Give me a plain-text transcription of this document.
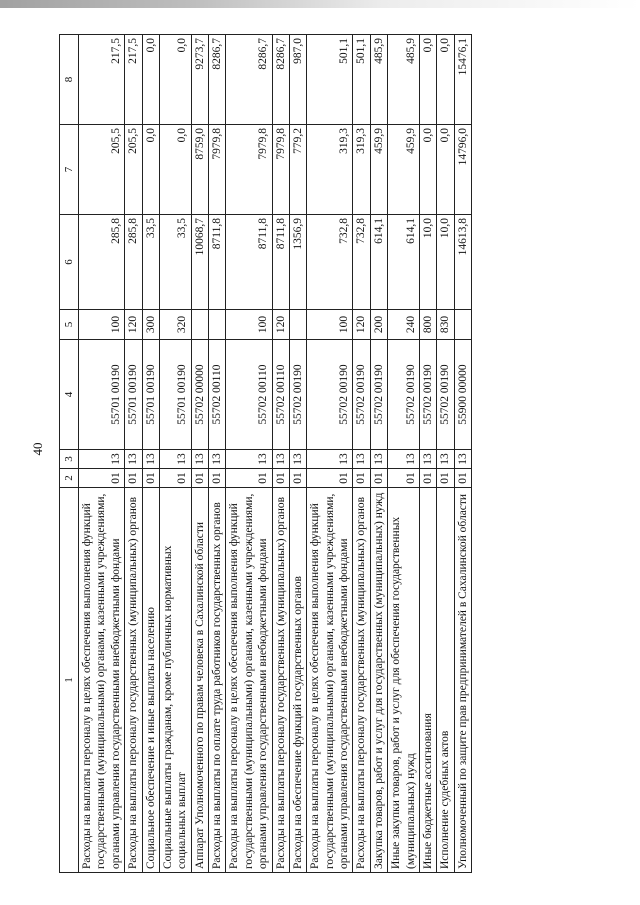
40
1	2	3	4	5	6	7	8
Расходы на выплаты персоналу в целях обеспечения выполнения функций государственными (муниципальными) органами, казенными учреждениями, органами управления государственными внебюджетными фондами	01	13	55701 00190	100	285,8	205,5	217,5
Расходы на выплаты персоналу государственных (муниципальных) органов	01	13	55701 00190	120	285,8	205,5	217,5
Социальное обеспечение и иные выплаты населению	01	13	55701 00190	300	33,5	0,0	0,0
Социальные выплаты гражданам, кроме публичных нормативных социальных выплат	01	13	55701 00190	320	33,5	0,0	0,0
Аппарат Уполномоченного по правам человека в Сахалинской области	01	13	55702 00000		10068,7	8759,0	9273,7
Расходы на выплаты по оплате труда работников государственных органов	01	13	55702 00110		8711,8	7979,8	8286,7
Расходы на выплаты персоналу в целях обеспечения выполнения функций государственными (муниципальными) органами, казенными учреждениями, органами управления государственными внебюджетными фондами	01	13	55702 00110	100	8711,8	7979,8	8286,7
Расходы на выплаты персоналу государственных (муниципальных) органов	01	13	55702 00110	120	8711,8	7979,8	8286,7
Расходы на обеспечение функций государственных органов	01	13	55702 00190		1356,9	779,2	987,0
Расходы на выплаты персоналу в целях обеспечения выполнения функций государственными (муниципальными) органами, казенными учреждениями, органами управления государственными внебюджетными фондами	01	13	55702 00190	100	732,8	319,3	501,1
Расходы на выплаты персоналу государственных (муниципальных) органов	01	13	55702 00190	120	732,8	319,3	501,1
Закупка товаров, работ и услуг для государственных (муниципальных) нужд	01	13	55702 00190	200	614,1	459,9	485,9
Иные закупки товаров, работ и услуг для обеспечения государственных (муниципальных) нужд	01	13	55702 00190	240	614,1	459,9	485,9
Иные бюджетные ассигнования	01	13	55702 00190	800	10,0	0,0	0,0
Исполнение судебных актов	01	13	55702 00190	830	10,0	0,0	0,0
Уполномоченный по защите прав предпринимателей в Сахалинской области	01	13	55900 00000		14613,8	14796,0	15476,1
